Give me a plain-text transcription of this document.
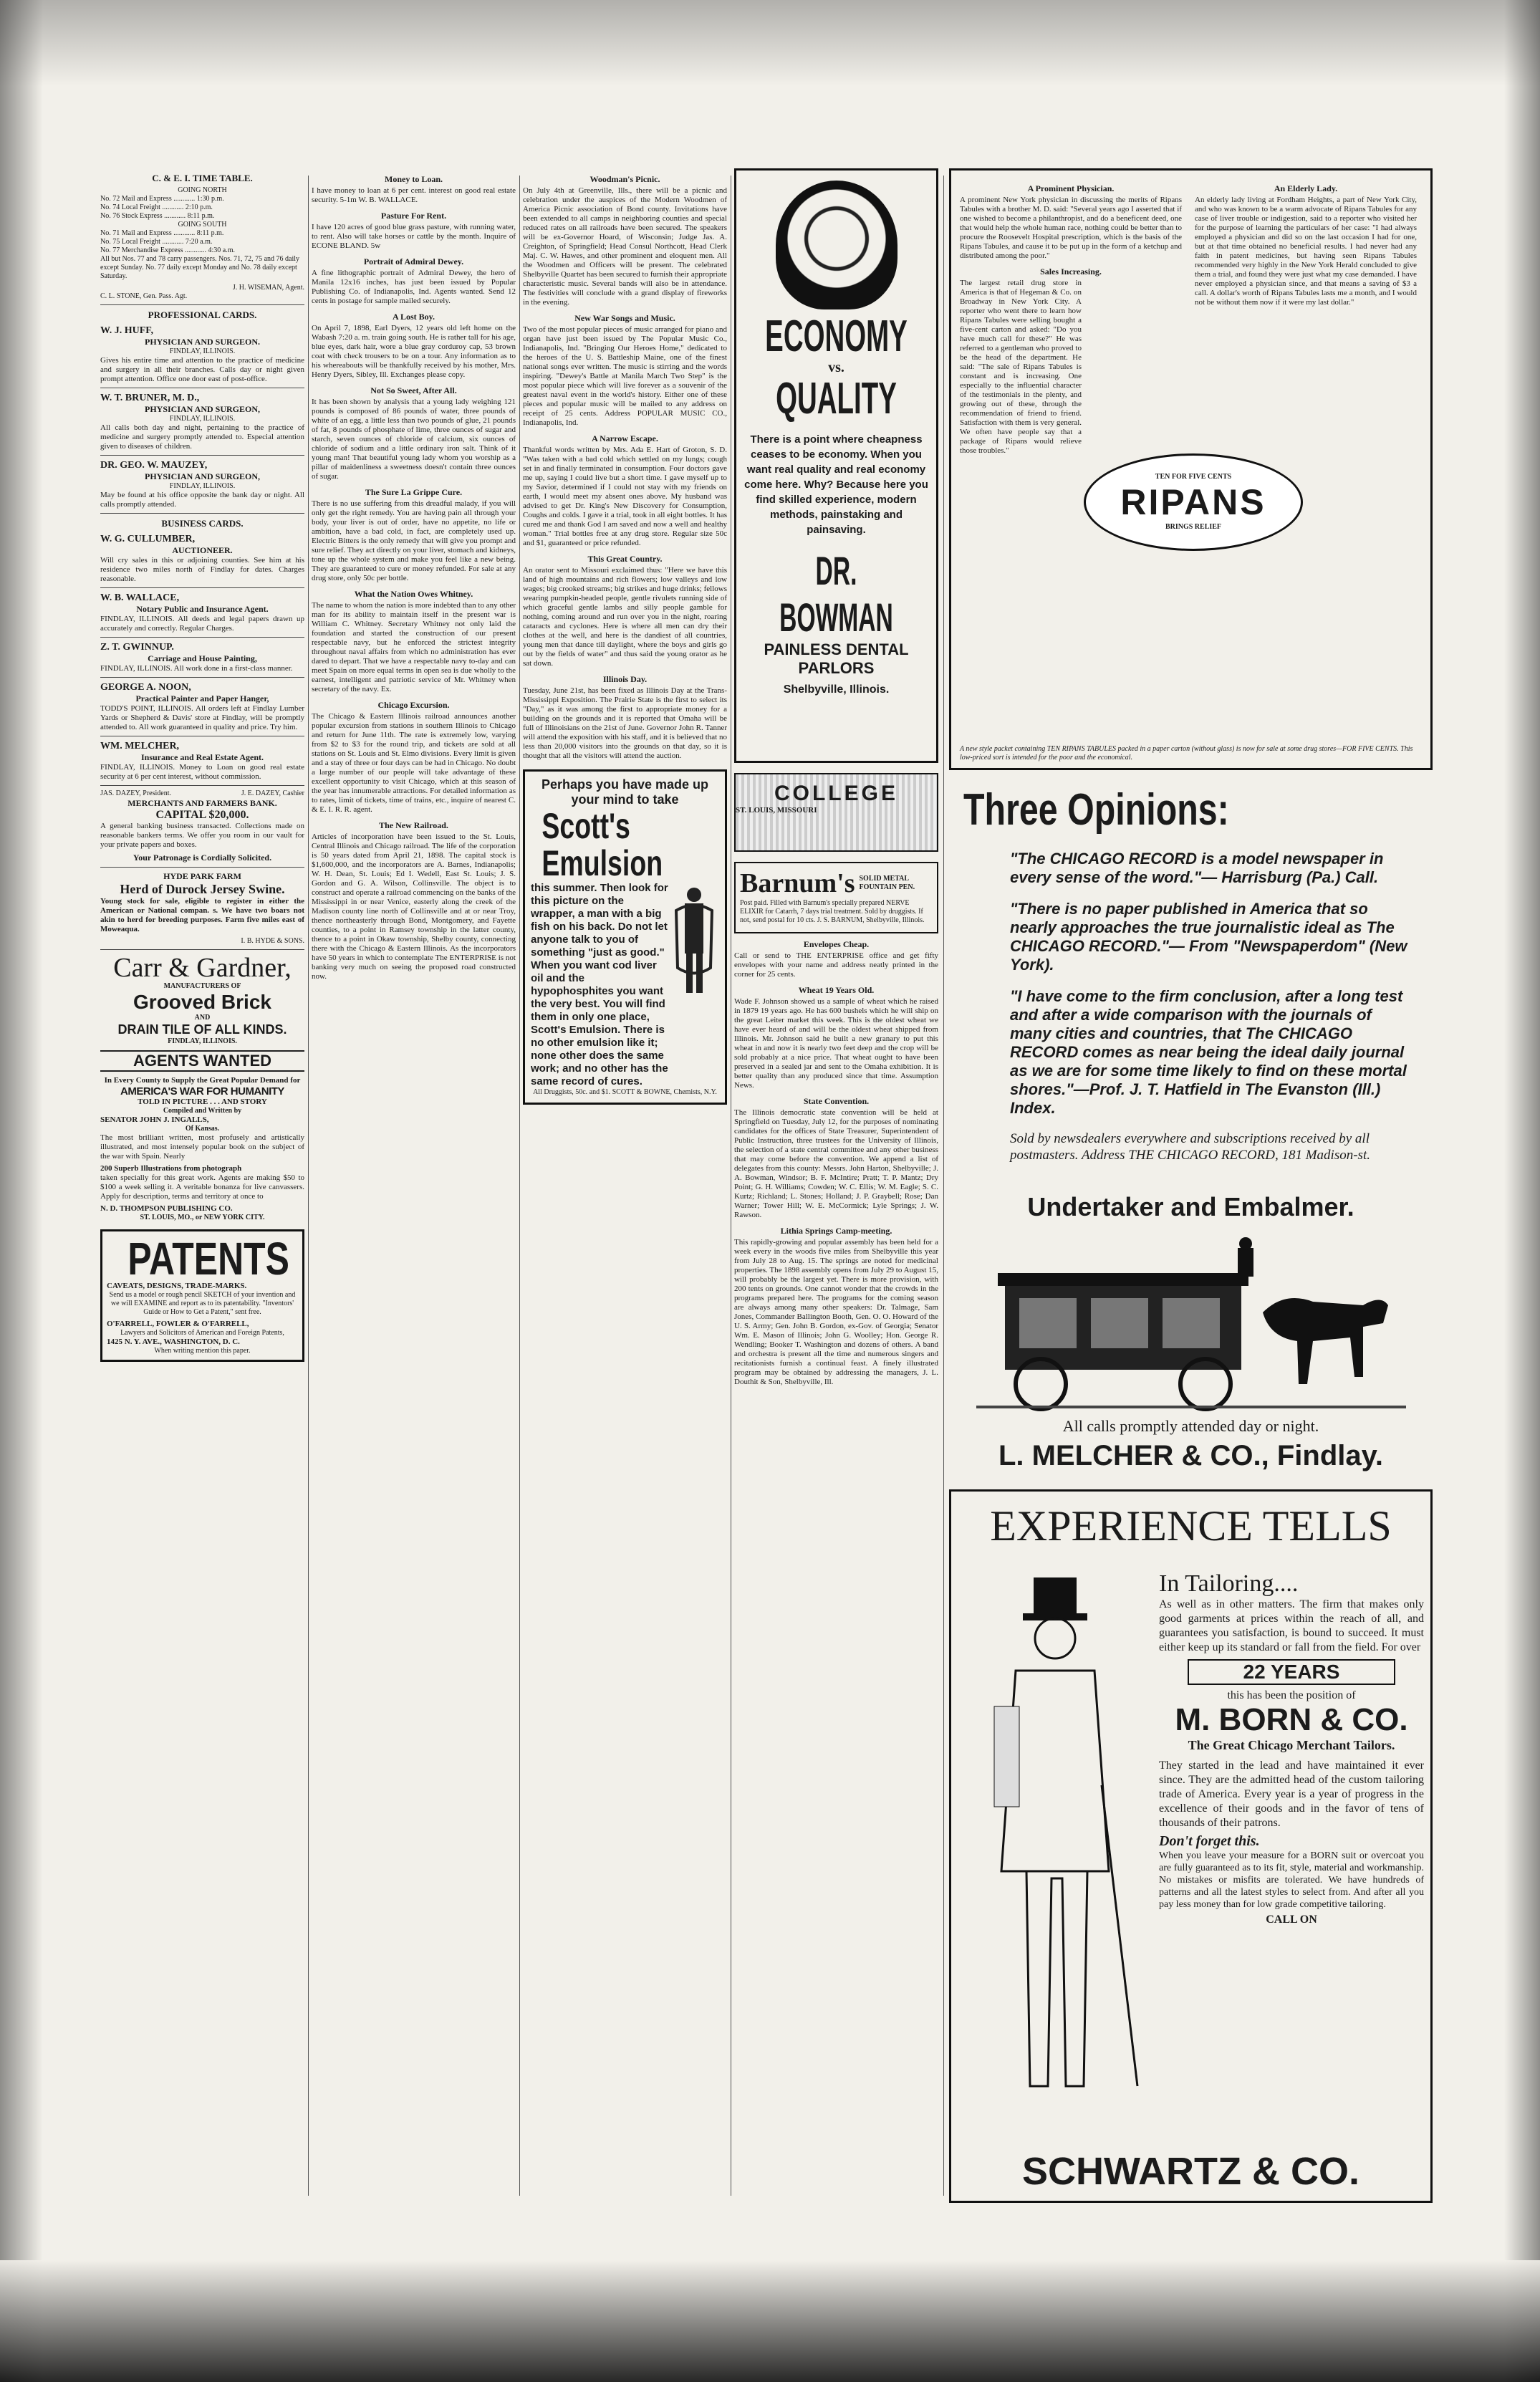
C. & E. I. TIME TABLE.
GOING NORTH
No. 72 Mail and Express ............ 1:30 p.m.
No. 74 Local Freight ............ 2:10 p.m.
No. 76 Stock Express ............ 8:11 p.m.
GOING SOUTH
No. 71 Mail and Express ............ 8:11 p.m.
No. 75 Local Freight ............ 7:20 a.m.
No. 77 Merchandise Express ............ 4:30 a.m.

All but Nos. 77 and 78 carry passengers. Nos. 71, 72, 75 and 76 daily except Sunday. No. 77 daily except Monday and No. 78 daily except Saturday.

J. H. WISEMAN, Agent.
C. L. STONE, Gen. Pass. Agt.
PROFESSIONAL CARDS.
W. J. HUFF,
PHYSICIAN AND SURGEON.
FINDLAY, ILLINOIS.

Gives his entire time and attention to the practice of medicine and surgery in all their branches. Calls day or night given prompt attention. Office one door east of post-office.

W. T. BRUNER, M. D.,
PHYSICIAN AND SURGEON,
FINDLAY, ILLINOIS.

All calls both day and night, pertaining to the practice of medicine and surgery promptly attended to. Especial attention given to diseases of children.

DR. GEO. W. MAUZEY,
PHYSICIAN AND SURGEON,
FINDLAY, ILLINOIS.

May be found at his office opposite the bank day or night. All calls promptly attended.

BUSINESS CARDS.
W. G. CULLUMBER,
AUCTIONEER.

Will cry sales in this or adjoining counties. See him at his residence two miles north of Findlay for dates. Charges reasonable.

W. B. WALLACE,
Notary Public and Insurance Agent.

FINDLAY, ILLINOIS. All deeds and legal papers drawn up accurately and correctly. Regular Charges.

Z. T. GWINNUP.
Carriage and House Painting,

FINDLAY, ILLINOIS. All work done in a first-class manner.

GEORGE A. NOON,
Practical Painter and Paper Hanger,

TODD'S POINT, ILLINOIS. All orders left at Findlay Lumber Yards or Shepherd & Davis' store at Findlay, will be promptly attended to. All work guaranteed in quality and price. Try him.

WM. MELCHER,
Insurance and Real Estate Agent.

FINDLAY, ILLINOIS. Money to Loan on good real estate security at 6 per cent interest, without commission.

JAS. DAZEY, President.	J. E. DAZEY, Cashier
MERCHANTS AND FARMERS BANK.
CAPITAL $20,000.

A general banking business transacted. Collections made on reasonable bankers terms. We offer you room in our vault for your private papers and boxes.

Your Patronage is Cordially Solicited.
HYDE PARK FARM
Herd of Durock Jersey Swine.

Young stock for sale, eligible to register in either the American or National compan. s. We have two boars not akin to herd for breeding purposes. Farm five miles east of Moweaqua.

I. B. HYDE & SONS.
Carr & Gardner,
MANUFACTURERS OF
Grooved Brick
AND
DRAIN TILE OF ALL KINDS.
FINDLAY, ILLINOIS.
AGENTS WANTED
In Every County to Supply the Great Popular Demand for
AMERICA'S WAR FOR HUMANITY
TOLD IN PICTURE . . . AND STORY
Compiled and Written by
SENATOR JOHN J. INGALLS,
Of Kansas.

The most brilliant written, most profusely and artistically illustrated, and most intensely popular book on the subject of the war with Spain. Nearly

200 Superb Illustrations from photograph

taken specially for this great work. Agents are making $50 to $100 a week selling it. A veritable bonanza for live canvassers. Apply for description, terms and territory at once to

N. D. THOMPSON PUBLISHING CO.
ST. LOUIS, MO., or NEW YORK CITY.
PATENTS
CAVEATS, DESIGNS, TRADE-MARKS.

Send us a model or rough pencil SKETCH of your invention and we will EXAMINE and report as to its patentability. "Inventors' Guide or How to Get a Patent," sent free.

O'FARRELL, FOWLER & O'FARRELL,
Lawyers and Solicitors of American and Foreign Patents,
1425 N. Y. AVE., WASHINGTON, D. C.
When writing mention this paper.
Money to Loan.

I have money to loan at 6 per cent. interest on good real estate security. 5-1m W. B. WALLACE.

Pasture For Rent.

I have 120 acres of good blue grass pasture, with running water, to rent. Also will take horses or cattle by the month. Inquire of ECONE BLAND. 5w

Portrait of Admiral Dewey.

A fine lithographic portrait of Admiral Dewey, the hero of Manila 12x16 inches, has just been issued by Popular Publishing Co. of Indianapolis, Ind. Agents wanted. Send 12 cents in postage for sample mailed securely.

A Lost Boy.

On April 7, 1898, Earl Dyers, 12 years old left home on the Wabash 7:20 a. m. train going south. He is rather tall for his age, blue eyes, dark hair, wore a blue gray corduroy cap, 53 brown coat with check trousers to be on a tour. Any information as to his whereabouts will be thankfully received by his mother, Mrs. Henry Dyers, Sibley, Ill. Exchanges please copy.

Not So Sweet, After All.

It has been shown by analysis that a young lady weighing 121 pounds is composed of 86 pounds of water, three pounds of white of an egg, a little less than two pounds of glue, 21 pounds of fat, 8 pounds of phosphate of lime, three ounces of sugar and starch, seven ounces of chloride of calcium, six ounces of chloride of sodium and a little ordinary iron salt. Think of it young man! That beautiful young lady whom you worship as a pillar of maidenliness a sweetness doesn't contain three ounces of sugar.

The Sure La Grippe Cure.

There is no use suffering from this dreadful malady, if you will only get the right remedy. You are having pain all through your body, your liver is out of order, have no appetite, no life or ambition, have a bad cold, in fact, are completely used up. Electric Bitters is the only remedy that will give you prompt and sure relief. They act directly on your liver, stomach and kidneys, tone up the whole system and make you feel like a new being. They are guaranteed to cure or money refunded. For sale at any drug store, only 50c per bottle.

What the Nation Owes Whitney.

The name to whom the nation is more indebted than to any other man for its ability to maintain itself in the present war is William C. Whitney. Secretary Whitney not only laid the foundation and started the construction of our present respectable navy, but he enforced the strictest integrity throughout naval affairs from which no administration has ever dared to depart. That we have a respectable navy to-day and can meet Spain on more equal terms in open sea is due wholly to the earnest, intelligent and patriotic service of Mr. Whitney when secretary of the navy. Ex.

Chicago Excursion.

The Chicago & Eastern Illinois railroad announces another popular excursion from stations in southern Illinois to Chicago and return for June 11th. The rate is extremely low, varying from $2 to $3 for the round trip, and tickets are sold at all stations on St. Louis and St. Elmo divisions. Every limit is given and a stay of three or four days can be had in Chicago. No doubt a large number of our people will take advantage of these excellent opportunity to visit Chicago, which at this season of the year has innumerable attractions. For detailed information as to rates, limit of tickets, time of trains, etc., inquire of nearest C. & E. I. R. R. agent.

The New Railroad.

Articles of incorporation have been issued to the St. Louis, Central Illinois and Chicago railroad. The life of the corporation is 50 years dated from April 21, 1898. The capital stock is $1,600,000, and the incorporators are A. Barnes, Indianapolis; W. H. Dean, St. Louis; Ed I. Wedell, East St. Louis; J. S. Gordon and G. A. Wilson, Collinsville. The object is to construct and operate a railroad commencing on the banks of the Mississippi in or near Venice, easterly along the creek of the Madison county line north of Collinsville and at or near Troy, thence northeasterly through Bond, Montgomery, and Fayette counties, to a point in Ramsey township in the latter county, thence to a point in Okaw township, Shelby county, connecting there with the Chicago & Eastern Illinois. As the incorporators have 50 years in which to contemplate The ENTERPRISE is not banking very much on seeing the proposed road constructed now.

Woodman's Picnic.

On July 4th at Greenville, Ills., there will be a picnic and celebration under the auspices of the Modern Woodmen of America Picnic association of Bond county. Invitations have been extended to all camps in neighboring counties and special reduced rates on all railroads have been secured. The speakers will be ex-Governor Hoard, of Wisconsin; Judge Jas. A. Creighton, of Springfield; Head Consul Northcott, Head Clerk Maj. C. W. Hawes, and other prominent and eloquent men. All the Woodmen and Officers will be present. The celebrated Shelbyville Quartet has been secured to furnish their appropriate characteristic music. Several bands will also be in attendance. The festivities will conclude with a grand display of fireworks in the evening.

New War Songs and Music.

Two of the most popular pieces of music arranged for piano and organ have just been issued by The Popular Music Co., Indianapolis, Ind. "Bringing Our Heroes Home," dedicated to the heroes of the U. S. Battleship Maine, one of the finest national songs ever written. The music is stirring and the words inspiring. "Dewey's Battle at Manila March Two Step" is the most popular piece which will live forever as a souvenir of the greatest naval event in the world's history. Either one of these pieces and popular music will be mailed to any address on receipt of 25 cents. Address POPULAR MUSIC CO., Indianapolis, Ind.

A Narrow Escape.

Thankful words written by Mrs. Ada E. Hart of Groton, S. D. "Was taken with a bad cold which settled on my lungs; cough set in and finally terminated in consumption. Four doctors gave me up, saying I could live but a short time. I gave myself up to my Savior, determined if I could not stay with my friends on earth, I would meet my absent ones above. My husband was advised to get Dr. King's New Discovery for Consumption, Coughs and colds. I gave it a trial, took in all eight bottles. It has cured me and thank God I am saved and now a well and healthy woman." Trial bottles free at any drug store. Regular size 50c and $1, guaranteed or price refunded.

This Great Country.

An orator sent to Missouri exclaimed thus: "Here we have this land of high mountains and rich flowers; low valleys and low wages; big crooked streams; big strikes and huge drinks; fellows wearing pumpkin-headed people, gentle rivulets running side of which graceful gentle lambs and silly people gamble for nothing, coming around and run over you in the night, roaring cataracts and cyclones. Here is where all men can dry their clothes at the well, and here is the dandiest of all countries, young men that dance till daylight, where the boys and girls go out by the fields of water" and thus said the young orator as he sat down.

Illinois Day.

Tuesday, June 21st, has been fixed as Illinois Day at the Trans-Mississippi Exposition. The Prairie State is the first to select its "Day," as it was among the first to appropriate money for a building on the grounds and it is reported that Omaha will be full of Illinoisians on the 21st of June. Governor John R. Tanner will attend the exposition with his staff, and it is believed that no less than 20,000 visitors into the grounds on that day, so it is thought that all the visitors will attend the auction.

Perhaps you have made up your mind to take
Scott's
Emulsion

this summer. Then look for this picture on the wrapper, a man with a big fish on his back. Do not let anyone talk to you of something "just as good." When you want cod liver oil and the hypophosphites you want the very best. You will find them in only one place, Scott's Emulsion. There is no other emulsion like it; none other does the same work; and no other has the same record of cures.

All Druggists, 50c. and $1. SCOTT & BOWNE, Chemists, N.Y.
ECONOMY
vs.
QUALITY

There is a point where cheapness ceases to be economy. When you want real quality and real economy come here. Why? Because here you find skilled experience, modern methods, painstaking and painsaving.

DR. BOWMAN
PAINLESS DENTAL PARLORS
Shelbyville, Illinois.
COLLEGE
ST. LOUIS, MISSOURI
Barnum's SOLID METAL FOUNTAIN PEN.

Post paid. Filled with Barnum's specially prepared NERVE ELIXIR for Catarrh, 7 days trial treatment. Sold by druggists. If not, send postal for 10 cts. J. S. BARNUM, Shelbyville, Illinois.

Envelopes Cheap.

Call or send to THE ENTERPRISE office and get fifty envelopes with your name and address neatly printed in the corner for 25 cents.

Wheat 19 Years Old.

Wade F. Johnson showed us a sample of wheat which he raised in 1879 19 years ago. He has 600 bushels which he will ship on the great Leiter market this week. This is the oldest wheat we have ever heard of and will be the oldest wheat shipped from Illinois. Mr. Johnson said he built a new granary to put this wheat in and now it is nearly two feet deep and the crop will be sold probably at a nice price. That wheat ought to have been preserved in a sealed jar and sent to the Omaha exhibition. It is better quality than any produced since that time. Assumption News.

State Convention.

The Illinois democratic state convention will be held at Springfield on Tuesday, July 12, for the purposes of nominating candidates for the offices of State Treasurer, Superintendent of Public Instruction, three trustees for the University of Illinois, the selection of a state central committee and any other business that may come before the convention. We append a list of delegates from this county: Messrs. John Harton, Shelbyville; J. A. Bowman, Windsor; B. F. McIntire; Pratt; T. P. Mantz; Dry Point; G. H. Williams; Cowden; W. C. Ellis; W. M. Eagle; S. C. Kurtz; Richland; L. Stones; Holland; J. P. Graybell; Rose; Dan Warner; Tower Hill; W. E. McCormick; Lyle Springs; J. W. Rawson.

Lithia Springs Camp-meeting.

This rapidly-growing and popular assembly has been held for a week every in the woods five miles from Shelbyville this year from July 28 to Aug. 15. The springs are noted for medicinal properties. The 1898 assembly opens from July 29 to August 15, will probably be the largest yet. There is more provision, with 200 tents on grounds. One cannot wonder that the crowds in the programs prepared here. The programs for the coming season are always among many other speakers: Dr. Talmage, Sam Jones, Commander Ballington Booth, Gen. O. O. Howard of the U. S. Army; Gen. John B. Gordon, ex-Gov. of Georgia; Senator Wm. E. Mason of Illinois; John G. Woolley; Hon. George R. Wendling; Booker T. Washington and dozens of others. A band and orchestra is present all the time and numerous singers and recitationists furnish a continual feast. A finely illustrated program may be obtained by addressing the managers, J. L. Douthit & Son, Shelbyville, Ill.

A Prominent Physician.

A prominent New York physician in discussing the merits of Ripans Tabules with a brother M. D. said: "Several years ago I asserted that if one wished to become a philanthropist, and do a beneficent deed, one that would help the whole human race, nothing could be better than to procure the Roosevelt Hospital prescription, which is the basis of the Ripans Tabules, and cause it to be put up in the form of a ketchup and distributed among the poor."

Sales Increasing.

The largest retail drug store in America is that of Hegeman & Co. on Broadway in New York City. A reporter who went there to learn how Ripans Tabules were selling bought a five-cent carton and asked: "Do you have much call for these?" He was referred to a gentleman who proved to be the head of the department. He said: "The sale of Ripans Tabules is constant and is increasing. One especially to the influential character of the testimonials in the plenty, and growing out of these, through the recommendation of friend to friend. Satisfaction with them is very general. We often have people say that a package of Ripans would relieve those troubles."

An Elderly Lady.

An elderly lady living at Fordham Heights, a part of New York City, and who was known to be a warm advocate of Ripans Tabules for any case of liver trouble or indigestion, said to a reporter who visited her for the purpose of learning the particulars of her case: "I had always employed a physician and did so on the last occasion I had for one, but at that time obtained no beneficial results. I had never had any faith in patent medicines, but having seen Ripans Tabules recommended very highly in the New York Herald concluded to give them a trial, and found they were just what my case demanded. I have never employed a physician since, and that means a saving of $3 a call. A dollar's worth of Ripans Tabules lasts me a month, and I would not be without them now if it were my last dollar."

TEN FOR FIVE CENTS
RIPANS
BRINGS RELIEF

A new style packet containing TEN RIPANS TABULES packed in a paper carton (without glass) is now for sale at some drug stores—FOR FIVE CENTS. This low-priced sort is intended for the poor and the economical.

Three Opinions:

"The CHICAGO RECORD is a model newspaper in every sense of the word."— Harrisburg (Pa.) Call.

"There is no paper published in America that so nearly approaches the true journalistic ideal as The CHICAGO RECORD."— From "Newspaperdom" (New York).

"I have come to the firm conclusion, after a long test and after a wide comparison with the journals of many cities and countries, that The CHICAGO RECORD comes as near being the ideal daily journal as we are for some time likely to find on these mortal shores."—Prof. J. T. Hatfield in The Evanston (Ill.) Index.

Sold by newsdealers everywhere and subscriptions received by all postmasters. Address THE CHICAGO RECORD, 181 Madison-st.

Undertaker and Embalmer.
All calls promptly attended day or night.
L. MELCHER & CO., Findlay.
EXPERIENCE TELLS
In Tailoring....

As well as in other matters. The firm that makes only good garments at prices within the reach of all, and guarantees you satisfaction, is bound to succeed. It must either keep up its standard or fall from the field. For over

22 YEARS
this has been the position of
M. BORN & CO.
The Great Chicago Merchant Tailors.

They started in the lead and have maintained it ever since. They are the admitted head of the custom tailoring trade of America. Every year is a year of progress in the excellence of their goods and in the favor of tens of thousands of their patrons.

Don't forget this.

When you leave your measure for a BORN suit or overcoat you are fully guaranteed as to its fit, style, material and workmanship. No mistakes or misfits are tolerated. We have hundreds of patterns and all the latest styles to select from. And after all you pay less money than for low grade competitive tailoring.

CALL ON
SCHWARTZ & CO.
